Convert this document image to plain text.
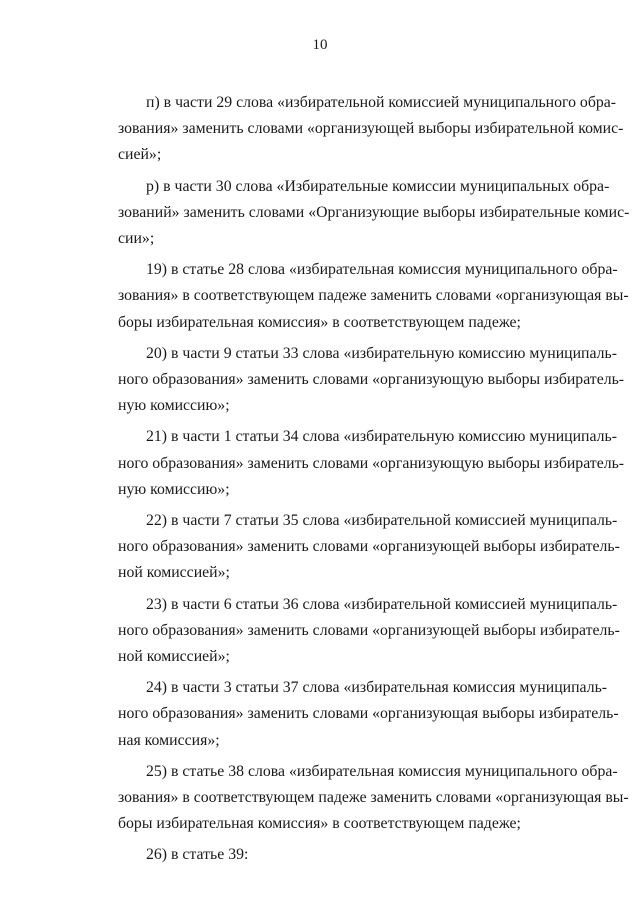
10

п) в части 29 слова «избирательной комиссией муниципального обра-
зования» заменить словами «организующей выборы избирательной комис-
сией»;

р) в части 30 слова «Избирательные комиссии муниципальных обра-
зований» заменить словами «Организующие выборы избирательные комис-
сии»;

19) в статье 28 слова «избирательная комиссия муниципального обра-
зования» в соответствующем падеже заменить словами «организующая вы-
боры избирательная комиссия» в соответствующем падеже;

20) в части 9 статьи 33 слова «избирательную комиссию муниципаль-
ного образования» заменить словами «организующую выборы избиратель-
ную комиссию»;

21) в части 1 статьи 34 слова «избирательную комиссию муниципаль-
ного образования» заменить словами «организующую выборы избиратель-
ную комиссию»;

22) в части 7 статьи 35 слова «избирательной комиссией муниципаль-
ного образования» заменить словами «организующей выборы избиратель-
ной комиссией»;

23) в части 6 статьи 36 слова «избирательной комиссией муниципаль-
ного образования» заменить словами «организующей выборы избиратель-
ной комиссией»;

24) в части 3 статьи 37 слова «избирательная комиссия муниципаль-
ного образования» заменить словами «организующая выборы избиратель-
ная комиссия»;

25) в статье 38 слова «избирательная комиссия муниципального обра-
зования» в соответствующем падеже заменить словами «организующая вы-
боры избирательная комиссия» в соответствующем падеже;

26) в статье 39:
